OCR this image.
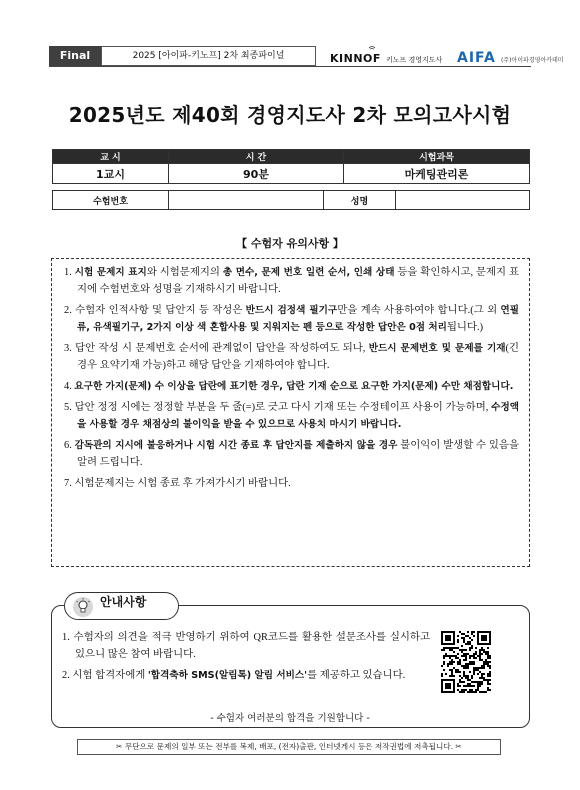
Final	2025 [아이파-키노프] 2차 최종파이널	KINNOF 키노프 경영지도사	AIFA (주)아이파경영아카데미
2025년도 제40회 경영지도사 2차 모의고사시험
교 시	시 간	시험과목
1교시	90분	마케팅관리론
수험번호		성명	
【 수험자 유의사항 】
1. 시험 문제지 표지와 시험문제지의 총 면수, 문제 번호 일련 순서, 인쇄 상태 등을 확인하시고, 문제지 표지에 수험번호와 성명을 기재하시기 바랍니다.
2. 수험자 인적사항 및 답안지 등 작성은 반드시 검정색 필기구만을 계속 사용하여야 합니다.(그 외 연필류, 유색필기구, 2가지 이상 색 혼합사용 및 지워지는 펜 등으로 작성한 답안은 0점 처리됩니다.)
3. 답안 작성 시 문제번호 순서에 관계없이 답안을 작성하여도 되나, 반드시 문제번호 및 문제를 기재(긴 경우 요약기재 가능)하고 해당 답안을 기재하여야 합니다.
4. 요구한 가지(문제) 수 이상을 답란에 표기한 경우, 답란 기재 순으로 요구한 가지(문제) 수만 채점합니다.
5. 답안 정정 시에는 정정할 부분을 두 줄(=)로 긋고 다시 기재 또는 수정테이프 사용이 가능하며, 수정액을 사용할 경우 채점상의 불이익을 받을 수 있으므로 사용치 마시기 바랍니다.
6. 감독관의 지시에 불응하거나 시험 시간 종료 후 답안지를 제출하지 않을 경우 불이익이 발생할 수 있음을 알려 드립니다.
7. 시험문제지는 시험 종료 후 가져가시기 바랍니다.
안내사항
1. 수험자의 의견을 적극 반영하기 위하여 QR코드를 활용한 설문조사를 실시하고 있으니 많은 참여 바랍니다.
2. 시험 합격자에게 '합격축하 SMS(알림톡) 알림 서비스'를 제공하고 있습니다.
- 수험자 여러분의 합격을 기원합니다 -
✂ 무단으로 문제의 일부 또는 전부를 복제, 배포, (전자)출판, 인터넷게시 등은 저작권법에 저촉됩니다. ✂
